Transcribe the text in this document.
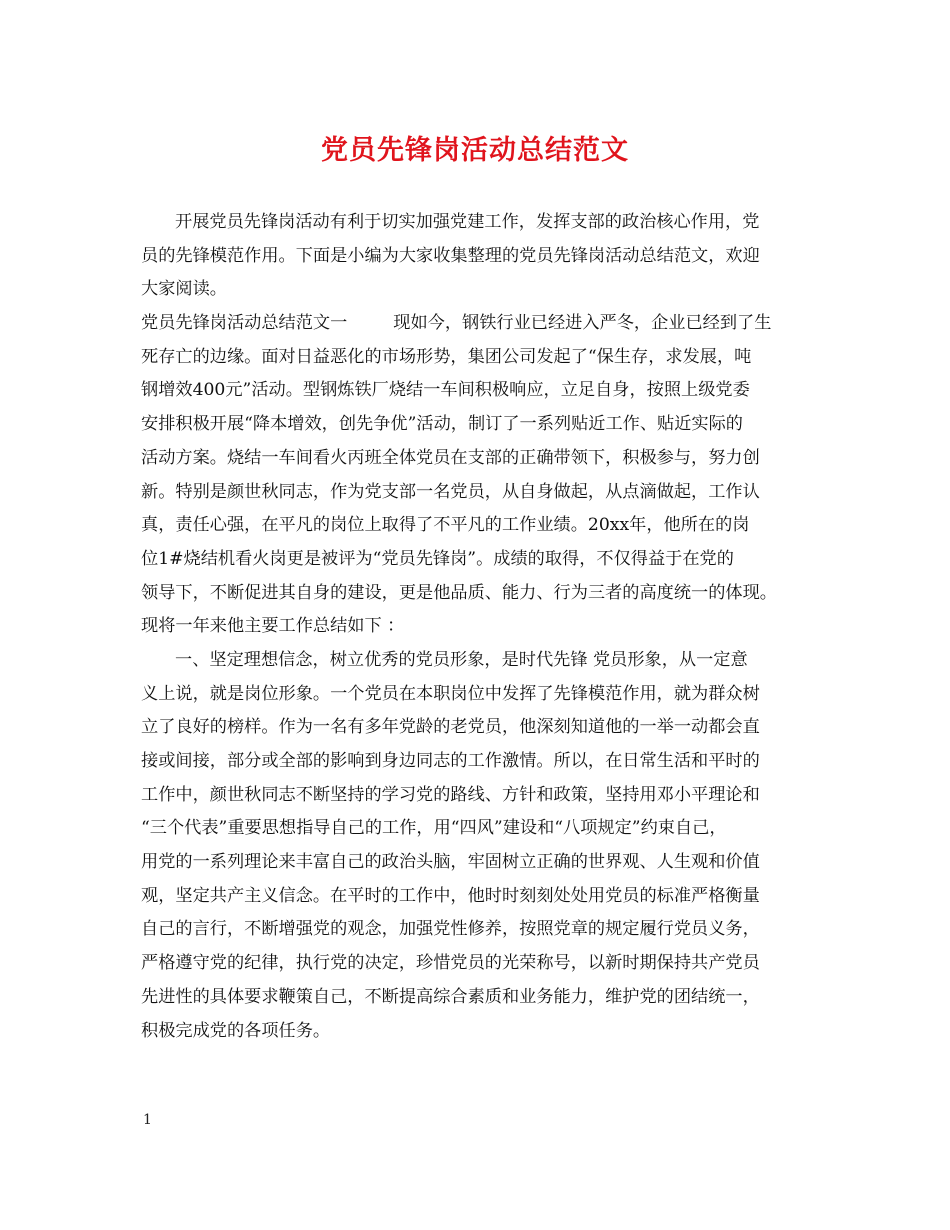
党员先锋岗活动总结范文
开展党员先锋岗活动有利于切实加强党建工作，发挥支部的政治核心作用，党
员的先锋模范作用。下面是小编为大家收集整理的党员先锋岗活动总结范文，欢迎
大家阅读。
党员先锋岗活动总结范文一	现如今，钢铁行业已经进入严冬，企业已经到了生
死存亡的边缘。面对日益恶化的市场形势，集团公司发起了“保生存，求发展，吨
钢增效400元”活动。型钢炼铁厂烧结一车间积极响应，立足自身，按照上级党委
安排积极开展“降本增效，创先争优”活动，制订了一系列贴近工作、贴近实际的
活动方案。烧结一车间看火丙班全体党员在支部的正确带领下，积极参与，努力创
新。特别是颜世秋同志，作为党支部一名党员，从自身做起，从点滴做起，工作认
真，责任心强，在平凡的岗位上取得了不平凡的工作业绩。20xx年，他所在的岗
位1#烧结机看火岗更是被评为“党员先锋岗”。成绩的取得，不仅得益于在党的
领导下，不断促进其自身的建设，更是他品质、能力、行为三者的高度统一的体现。
现将一年来他主要工作总结如下 ：
一、坚定理想信念，树立优秀的党员形象，是时代先锋 党员形象，从一定意
义上说，就是岗位形象。一个党员在本职岗位中发挥了先锋模范作用，就为群众树
立了良好的榜样。作为一名有多年党龄的老党员，他深刻知道他的一举一动都会直
接或间接，部分或全部的影响到身边同志的工作激情。所以，在日常生活和平时的
工作中，颜世秋同志不断坚持的学习党的路线、方针和政策，坚持用邓小平理论和
“三个代表”重要思想指导自己的工作，用“四风”建设和“八项规定”约束自己，
用党的一系列理论来丰富自己的政治头脑，牢固树立正确的世界观、人生观和价值
观，坚定共产主义信念。在平时的工作中，他时时刻刻处处用党员的标准严格衡量
自己的言行，不断增强党的观念，加强党性修养，按照党章的规定履行党员义务，
严格遵守党的纪律，执行党的决定，珍惜党员的光荣称号，以新时期保持共产党员
先进性的具体要求鞭策自己，不断提高综合素质和业务能力，维护党的团结统一，
积极完成党的各项任务。
1
